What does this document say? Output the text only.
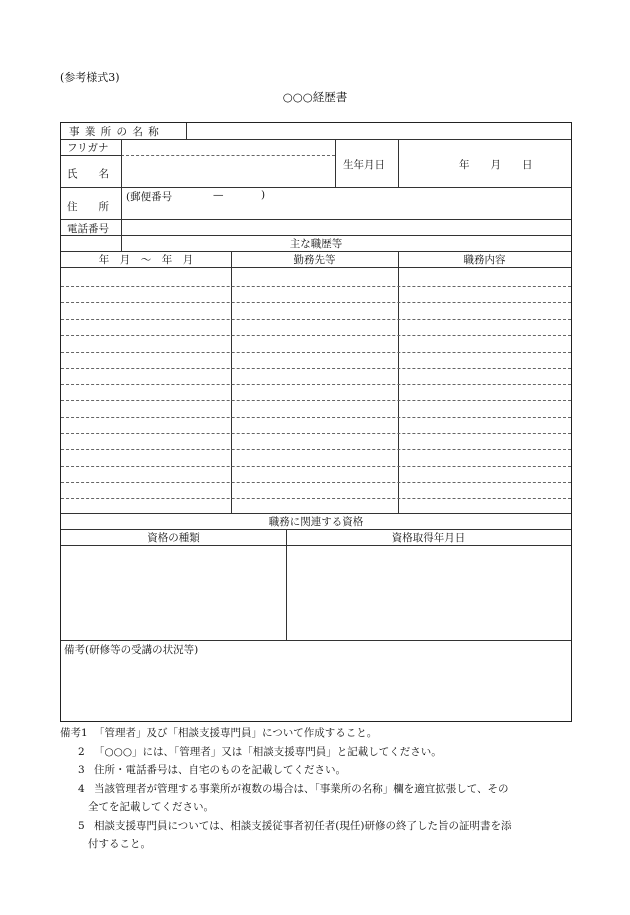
(参考様式3)
○○○経歴書
事 業 所 の 名 称
フリガナ
氏　　名
生年月日	年　　月　　日
住　　所
(郵便番号	—	)
電話番号
主な職歴等
年　月　〜　年　月	勤務先等	職務内容
職務に関連する資格
資格の種類	資格取得年月日
備考(研修等の受講の状況等)
備考1 「管理者」及び「相談支援専門員」について作成すること。
2 「○○○」には、「管理者」又は「相談支援専門員」と記載してください。
3 住所・電話番号は、自宅のものを記載してください。
4 当該管理者が管理する事業所が複数の場合は、「事業所の名称」欄を適宜拡張して、その
全てを記載してください。
5 相談支援専門員については、相談支援従事者初任者(現任)研修の終了した旨の証明書を添
付すること。
